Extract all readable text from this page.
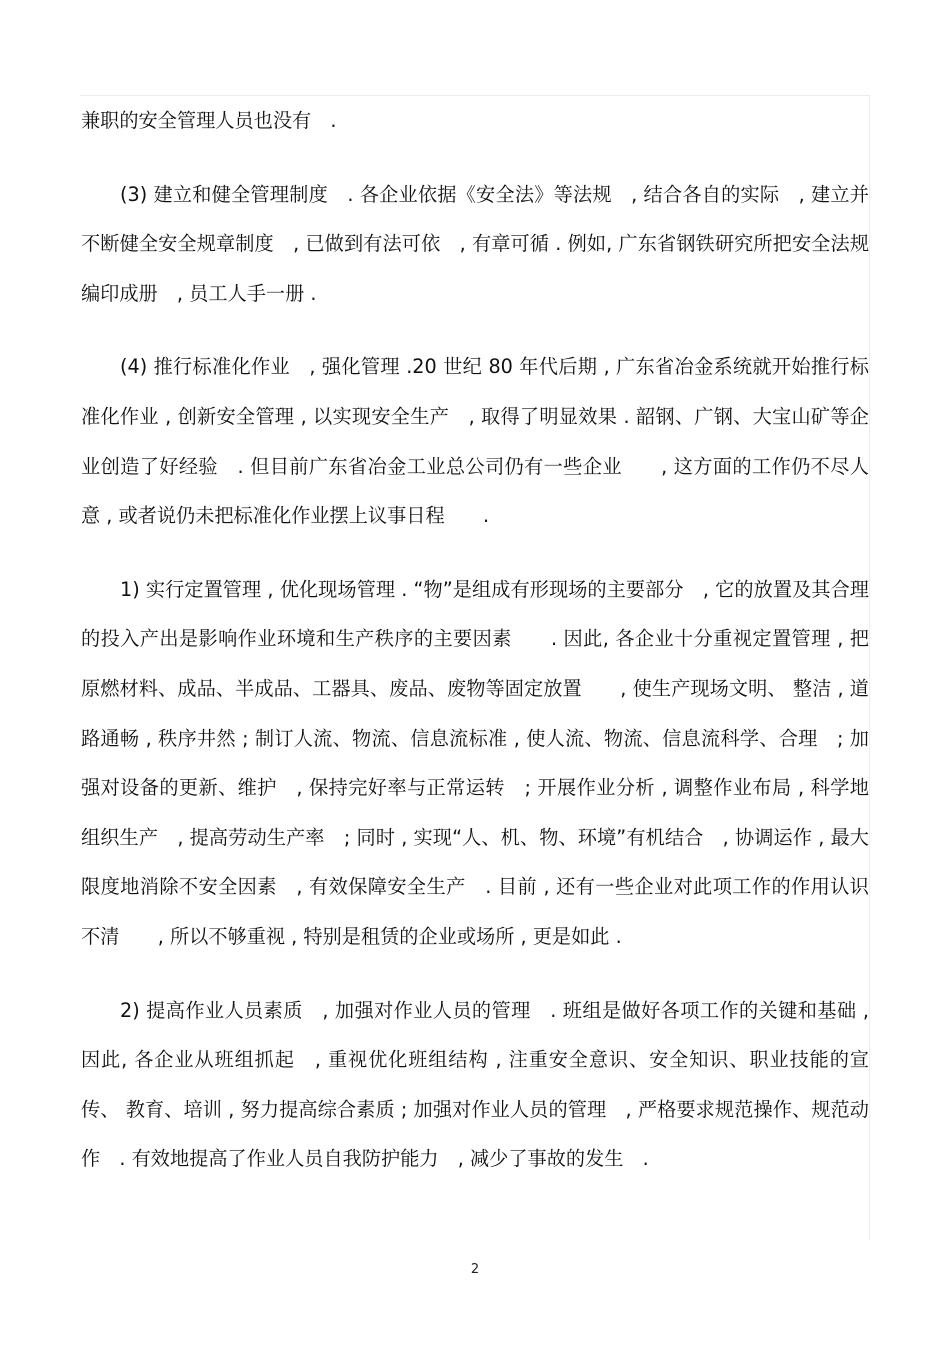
兼职的安全管理人员也没有　.

(3) 建立和健全管理制度　. 各企业依据《安全法》等法规　, 结合各自的实际　, 建立并不断健全安全规章制度　, 已做到有法可依　, 有章可循 . 例如, 广东省钢铁研究所把安全法规编印成册　, 员工人手一册 .

(4) 推行标准化作业　, 强化管理 .20 世纪 80 年代后期 , 广东省冶金系统就开始推行标准化作业 , 创新安全管理 , 以实现安全生产　, 取得了明显效果 . 韶钢、广钢、大宝山矿等企业创造了好经验　. 但目前广东省冶金工业总公司仍有一些企业　　, 这方面的工作仍不尽人意 , 或者说仍未把标准化作业摆上议事日程　　.

1) 实行定置管理 , 优化现场管理 . “物”是组成有形现场的主要部分　, 它的放置及其合理的投入产出是影响作业环境和生产秩序的主要因素　　. 因此, 各企业十分重视定置管理 , 把原燃材料、成品、半成品、工器具、废品、废物等固定放置　　, 使生产现场文明、 整洁 , 道路通畅 , 秩序井然 ; 制订人流、物流、信息流标准 , 使人流、物流、信息流科学、合理　; 加强对设备的更新、维护　, 保持完好率与正常运转　; 开展作业分析 , 调整作业布局 , 科学地组织生产　, 提高劳动生产率　; 同时 , 实现“人、机、物、环境”有机结合　, 协调运作 , 最大限度地消除不安全因素　, 有效保障安全生产　. 目前 , 还有一些企业对此项工作的作用认识不清　　, 所以不够重视 , 特别是租赁的企业或场所 , 更是如此 .

2) 提高作业人员素质　, 加强对作业人员的管理　. 班组是做好各项工作的关键和基础 , 因此, 各企业从班组抓起　, 重视优化班组结构 , 注重安全意识、安全知识、职业技能的宣传、 教育、培训 , 努力提高综合素质 ; 加强对作业人员的管理　, 严格要求规范操作、规范动作　. 有效地提高了作业人员自我防护能力　, 减少了事故的发生　.

2
